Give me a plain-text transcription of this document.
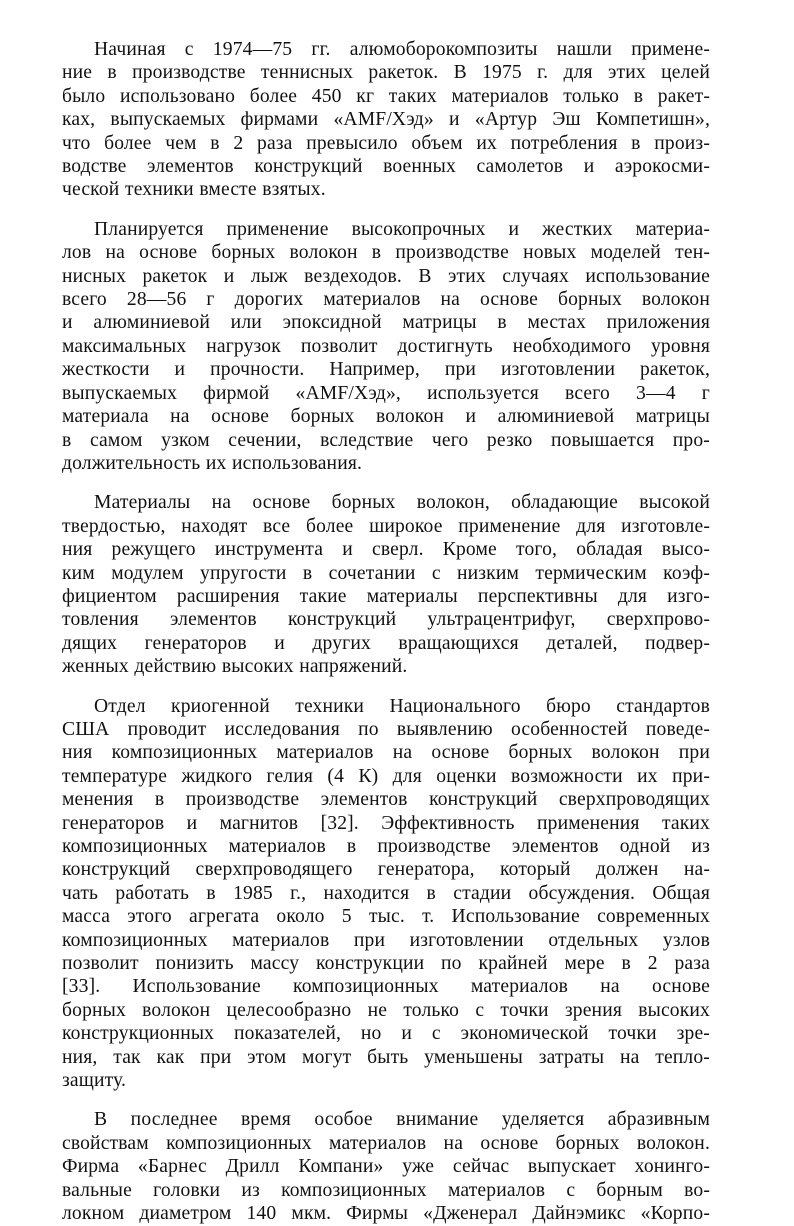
Начиная с 1974—75 гг. алюмоборокомпозиты нашли примене-
ние в производстве теннисных ракеток. В 1975 г. для этих целей
было использовано более 450 кг таких материалов только в ракет-
ках, выпускаемых фирмами «AMF/Хэд» и «Артур Эш Компетишн»,
что более чем в 2 раза превысило объем их потребления в произ-
водстве элементов конструкций военных самолетов и аэрокосми-
ческой техники вместе взятых.

Планируется применение высокопрочных и жестких материа-
лов на основе борных волокон в производстве новых моделей тен-
нисных ракеток и лыж вездеходов. В этих случаях использование
всего 28—56 г дорогих материалов на основе борных волокон
и алюминиевой или эпоксидной матрицы в местах приложения
максимальных нагрузок позволит достигнуть необходимого уровня
жесткости и прочности. Например, при изготовлении ракеток,
выпускаемых фирмой «AMF/Хэд», используется всего 3—4 г
материала на основе борных волокон и алюминиевой матрицы
в самом узком сечении, вследствие чего резко повышается про-
должительность их использования.

Материалы на основе борных волокон, обладающие высокой
твердостью, находят все более широкое применение для изготовле-
ния режущего инструмента и сверл. Кроме того, обладая высо-
ким модулем упругости в сочетании с низким термическим коэф-
фициентом расширения такие материалы перспективны для изго-
товления элементов конструкций ультрацентрифуг, сверхпрово-
дящих генераторов и других вращающихся деталей, подвер-
женных действию высоких напряжений.

Отдел криогенной техники Национального бюро стандартов
США проводит исследования по выявлению особенностей поведе-
ния композиционных материалов на основе борных волокон при
температуре жидкого гелия (4 К) для оценки возможности их при-
менения в производстве элементов конструкций сверхпроводящих
генераторов и магнитов [32]. Эффективность применения таких
композиционных материалов в производстве элементов одной из
конструкций сверхпроводящего генератора, который должен на-
чать работать в 1985 г., находится в стадии обсуждения. Общая
масса этого агрегата около 5 тыс. т. Использование современных
композиционных материалов при изготовлении отдельных узлов
позволит понизить массу конструкции по крайней мере в 2 раза
[33]. Использование композиционных материалов на основе
борных волокон целесообразно не только с точки зрения высоких
конструкционных показателей, но и с экономической точки зре-
ния, так как при этом могут быть уменьшены затраты на тепло-
защиту.

В последнее время особое внимание уделяется абразивным
свойствам композиционных материалов на основе борных волокон.
Фирма «Барнес Дрилл Компани» уже сейчас выпускает хонинго-
вальные головки из композиционных материалов с борным во-
локном диаметром 140 мкм. Фирмы «Дженерал Дайнэмикс «Корпо-
